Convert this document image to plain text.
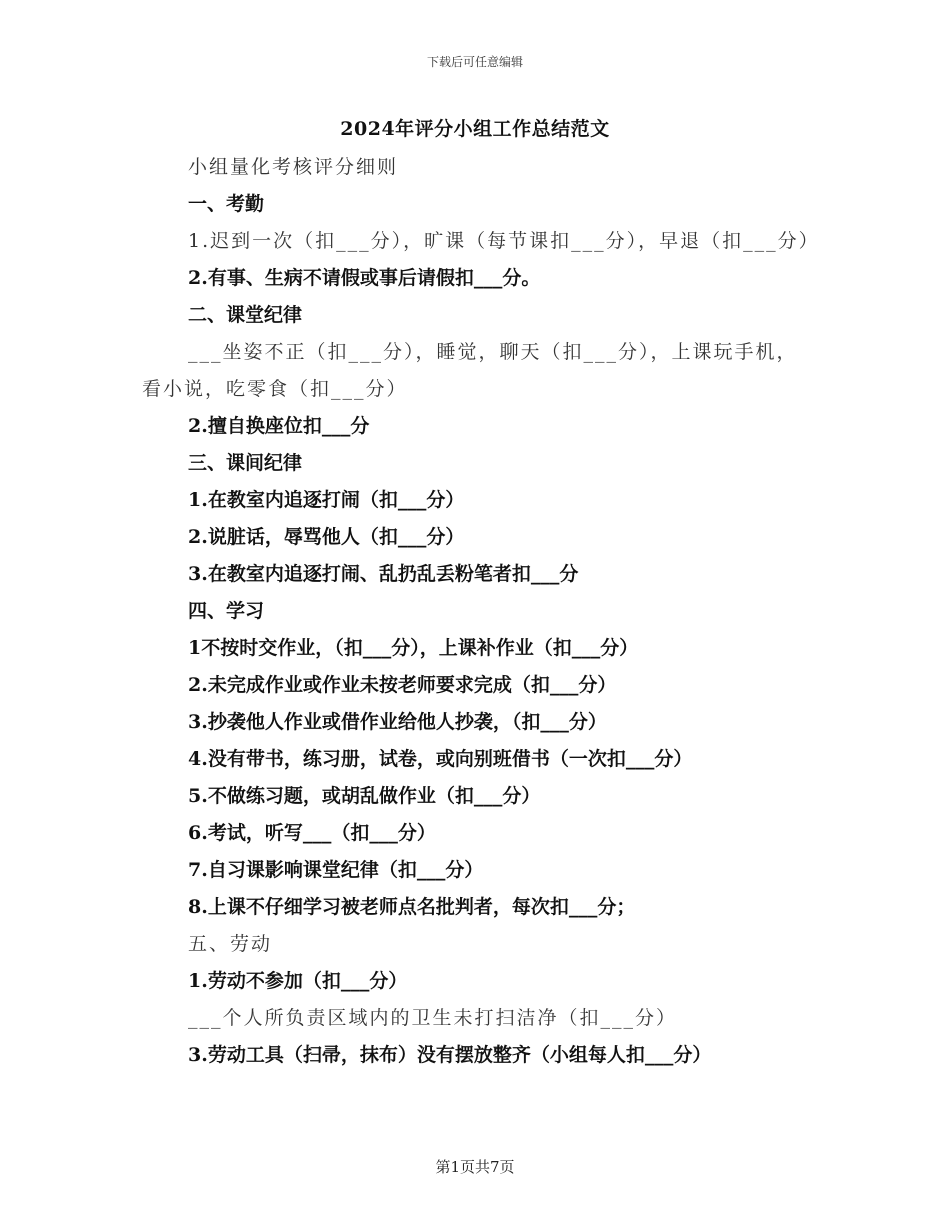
下载后可任意编辑
2024年评分小组工作总结范文
小组量化考核评分细则
一、考勤
1.迟到一次（扣___分），旷课（每节课扣___分），早退（扣___分）
2.有事、生病不请假或事后请假扣___分。
二、课堂纪律
___坐姿不正（扣___分），睡觉，聊天（扣___分），上课玩手机，看小说，吃零食（扣___分）
2.擅自换座位扣___分
三、课间纪律
1.在教室内追逐打闹（扣___分）
2.说脏话，辱骂他人（扣___分）
3.在教室内追逐打闹、乱扔乱丢粉笔者扣___分
四、学习
1不按时交作业，（扣___分），上课补作业（扣___分）
2.未完成作业或作业未按老师要求完成（扣___分）
3.抄袭他人作业或借作业给他人抄袭，（扣___分）
4.没有带书，练习册，试卷，或向别班借书（一次扣___分）
5.不做练习题，或胡乱做作业（扣___分）
6.考试，听写___（扣___分）
7.自习课影响课堂纪律（扣___分）
8.上课不仔细学习被老师点名批判者，每次扣___分；
五、劳动
1.劳动不参加（扣___分）
___个人所负责区域内的卫生未打扫洁净（扣___分）
3.劳动工具（扫帚，抹布）没有摆放整齐（小组每人扣___分）
第1页共7页
